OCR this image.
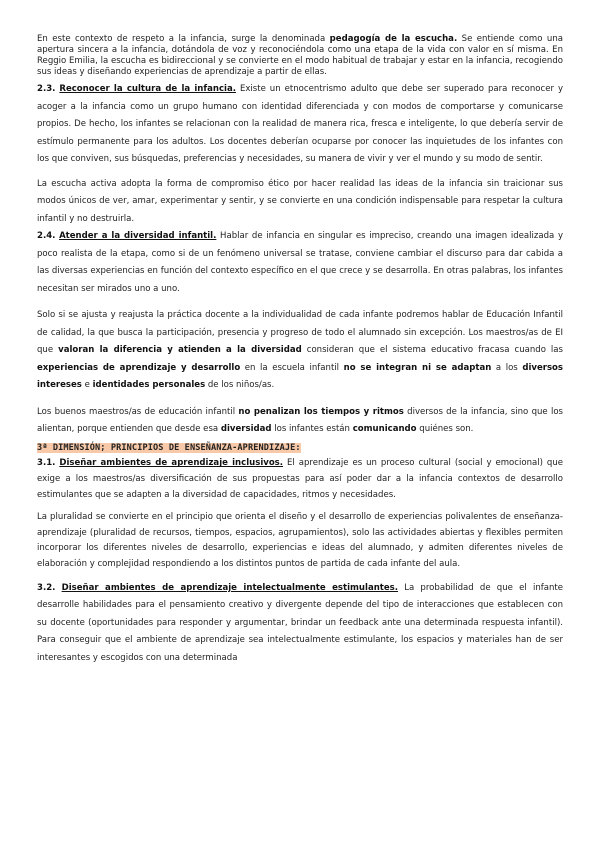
En este contexto de respeto a la infancia, surge la denominada pedagogía de la escucha. Se entiende como una apertura sincera a la infancia, dotándola de voz y reconociéndola como una etapa de la vida con valor en sí misma. En Reggio Emilia, la escucha es bidireccional y se convierte en el modo habitual de trabajar y estar en la infancia, recogiendo sus ideas y diseñando experiencias de aprendizaje a partir de ellas.

2.3. Reconocer la cultura de la infancia. Existe un etnocentrismo adulto que debe ser superado para reconocer y acoger a la infancia como un grupo humano con identidad diferenciada y con modos de comportarse y comunicarse propios. De hecho, los infantes se relacionan con la realidad de manera rica, fresca e inteligente, lo que debería servir de estímulo permanente para los adultos. Los docentes deberían ocuparse por conocer las inquietudes de los infantes con los que conviven, sus búsquedas, preferencias y necesidades, su manera de vivir y ver el mundo y su modo de sentir.

La escucha activa adopta la forma de compromiso ético por hacer realidad las ideas de la infancia sin traicionar sus modos únicos de ver, amar, experimentar y sentir, y se convierte en una condición indispensable para respetar la cultura infantil y no destruirla.

2.4. Atender a la diversidad infantil. Hablar de infancia en singular es impreciso, creando una imagen idealizada y poco realista de la etapa, como si de un fenómeno universal se tratase, conviene cambiar el discurso para dar cabida a las diversas experiencias en función del contexto específico en el que crece y se desarrolla. En otras palabras, los infantes necesitan ser mirados uno a uno.

Solo si se ajusta y reajusta la práctica docente a la individualidad de cada infante podremos hablar de Educación Infantil de calidad, la que busca la participación, presencia y progreso de todo el alumnado sin excepción. Los maestros/as de EI que valoran la diferencia y atienden a la diversidad consideran que el sistema educativo fracasa cuando las experiencias de aprendizaje y desarrollo en la escuela infantil no se integran ni se adaptan a los diversos intereses e identidades personales de los niños/as.

Los buenos maestros/as de educación infantil no penalizan los tiempos y ritmos diversos de la infancia, sino que los alientan, porque entienden que desde esa diversidad los infantes están comunicando quiénes son.

3ª DIMENSIÓN; PRINCIPIOS DE ENSEÑANZA-APRENDIZAJE:

3.1. Diseñar ambientes de aprendizaje inclusivos. El aprendizaje es un proceso cultural (social y emocional) que exige a los maestros/as diversificación de sus propuestas para así poder dar a la infancia contextos de desarrollo estimulantes que se adapten a la diversidad de capacidades, ritmos y necesidades.

La pluralidad se convierte en el principio que orienta el diseño y el desarrollo de experiencias polivalentes de enseñanza-aprendizaje (pluralidad de recursos, tiempos, espacios, agrupamientos), solo las actividades abiertas y flexibles permiten incorporar los diferentes niveles de desarrollo, experiencias e ideas del alumnado, y admiten diferentes niveles de elaboración y complejidad respondiendo a los distintos puntos de partida de cada infante del aula.

3.2. Diseñar ambientes de aprendizaje intelectualmente estimulantes. La probabilidad de que el infante desarrolle habilidades para el pensamiento creativo y divergente depende del tipo de interacciones que establecen con su docente (oportunidades para responder y argumentar, brindar un feedback ante una determinada respuesta infantil). Para conseguir que el ambiente de aprendizaje sea intelectualmente estimulante, los espacios y materiales han de ser interesantes y escogidos con una determinada
